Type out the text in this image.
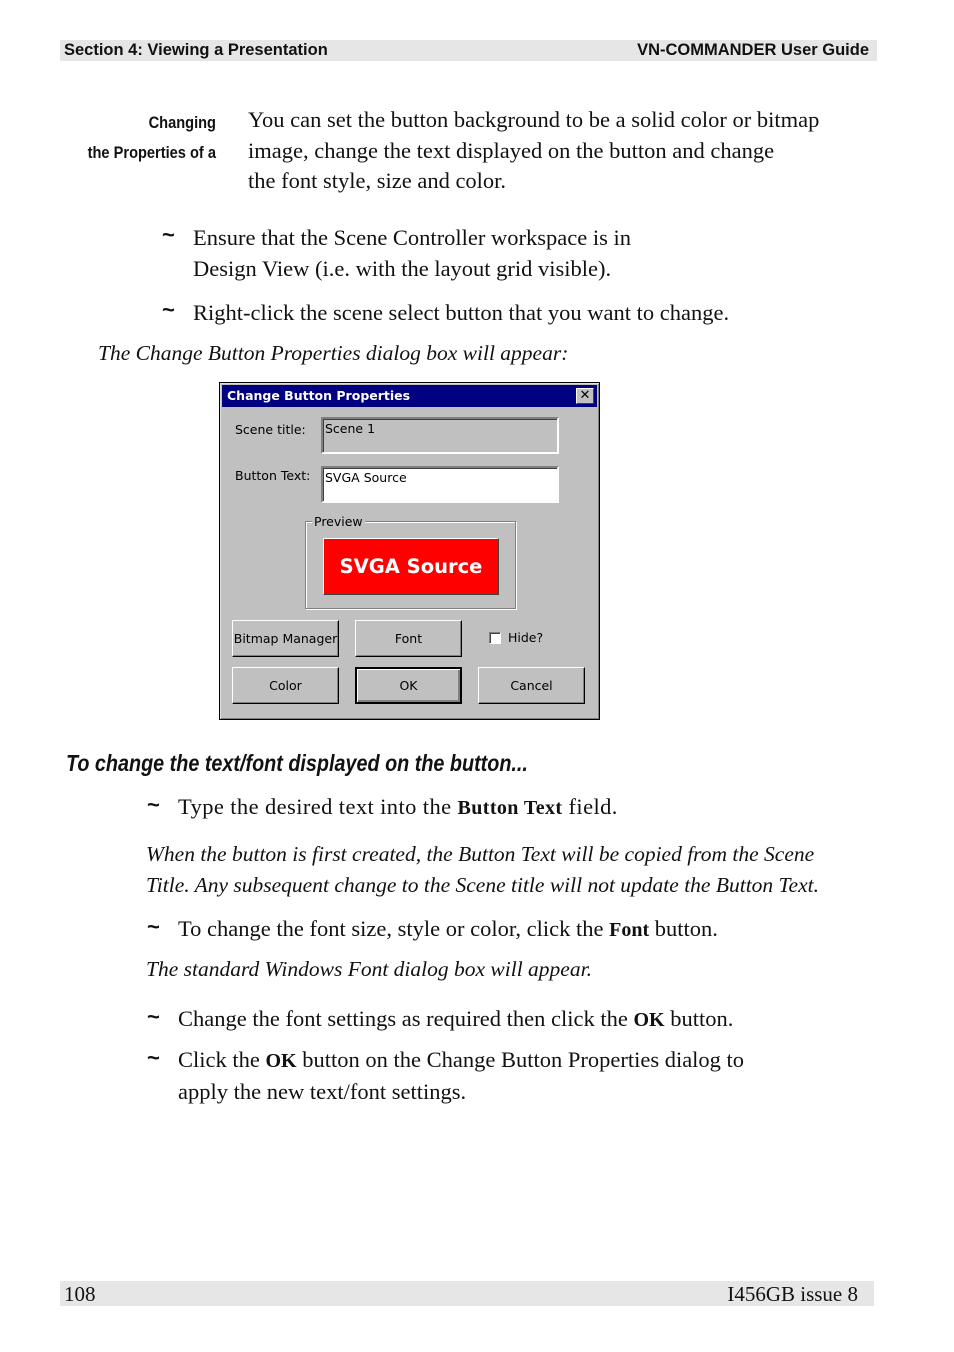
Section 4: Viewing a Presentation	VN-COMMANDER User Guide
Changing
the Properties of a
You can set the button background to be a solid color or bitmap
image, change the text displayed on the button and change
the font style, size and color.
~ Ensure that the Scene Controller workspace is in
Design View (i.e. with the layout grid visible).
~ Right-click the scene select button that you want to change.
The Change Button Properties dialog box will appear:
Change Button Properties	✕
Scene title:	Scene 1
Button Text:	SVGA Source
Preview
SVGA Source
Bitmap Manager	Font	Hide?
Color	OK	Cancel
To change the text/font displayed on the button...
~ Type the desired text into the Button Text field.
When the button is first created, the Button Text will be copied from the Scene
Title. Any subsequent change to the Scene title will not update the Button Text.
~ To change the font size, style or color, click the Font button.
The standard Windows Font dialog box will appear.
~ Change the font settings as required then click the OK button.
~ Click the OK button on the Change Button Properties dialog to
apply the new text/font settings.
108	I456GB issue 8
